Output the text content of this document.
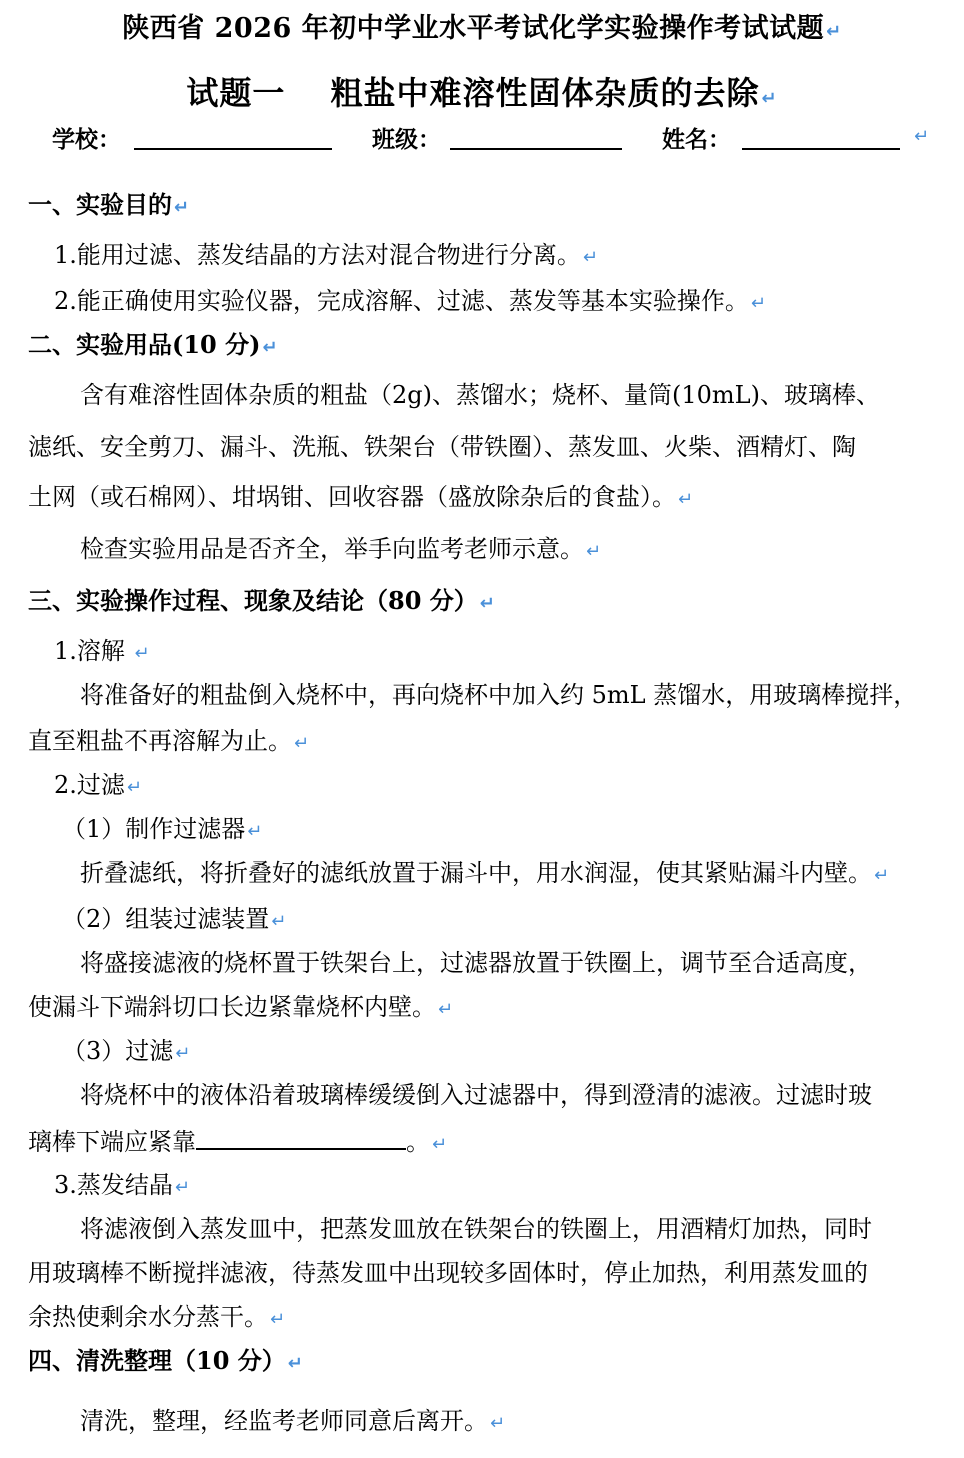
陕西省 2026 年初中学业水平考试化学实验操作考试试题 ↵
试题一　 粗盐中难溶性固体杂质的去除 ↵
学校：	班级：	姓名：	↵
一、实验目的 ↵
1.能用过滤、蒸发结晶的方法对混合物进行分离。 ↵
2.能正确使用实验仪器，完成溶解、过滤、蒸发等基本实验操作。 ↵
二、实验用品(10 分) ↵
含有难溶性固体杂质的粗盐（2g)、蒸馏水；烧杯、量筒(10mL)、玻璃棒、
滤纸、安全剪刀、漏斗、洗瓶、铁架台（带铁圈）、蒸发皿、火柴、酒精灯、陶
土网（或石棉网）、坩埚钳、回收容器（盛放除杂后的食盐）。 ↵
检查实验用品是否齐全，举手向监考老师示意。 ↵
三、实验操作过程、现象及结论（80 分） ↵
1.溶解 ↵
将准备好的粗盐倒入烧杯中，再向烧杯中加入约 5mL 蒸馏水，用玻璃棒搅拌，
直至粗盐不再溶解为止。 ↵
2.过滤 ↵
（1）制作过滤器 ↵
折叠滤纸，将折叠好的滤纸放置于漏斗中，用水润湿，使其紧贴漏斗内壁。 ↵
（2）组装过滤装置 ↵
将盛接滤液的烧杯置于铁架台上，过滤器放置于铁圈上，调节至合适高度，
使漏斗下端斜切口长边紧靠烧杯内壁。 ↵
（3）过滤 ↵
将烧杯中的液体沿着玻璃棒缓缓倒入过滤器中，得到澄清的滤液。过滤时玻
璃棒下端应紧靠	。 ↵
3.蒸发结晶 ↵
将滤液倒入蒸发皿中，把蒸发皿放在铁架台的铁圈上，用酒精灯加热，同时
用玻璃棒不断搅拌滤液，待蒸发皿中出现较多固体时，停止加热，利用蒸发皿的
余热使剩余水分蒸干。 ↵
四、清洗整理（10 分） ↵
清洗，整理，经监考老师同意后离开。 ↵
